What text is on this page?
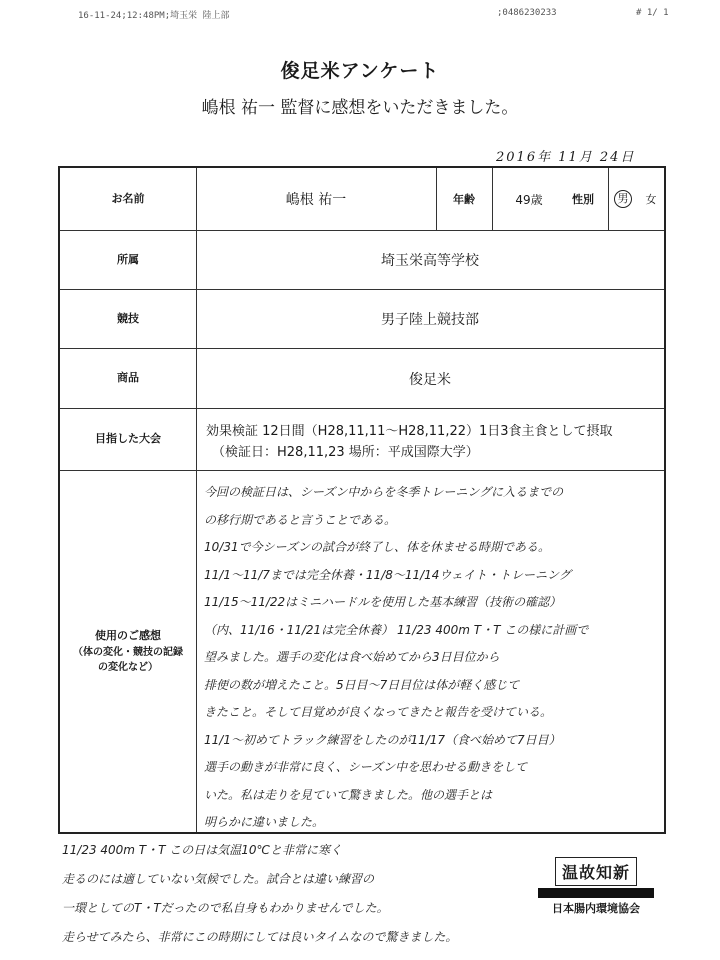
16-11-24;12:48PM;埼玉栄 陸上部	;0486230233	# 1/ 1
俊足米アンケート
嶋根 祐一 監督に感想をいただきました。
2016年 11月 24日
お名前	嶋根 祐一	年齢	49歳	性別	男	女
所属	埼玉栄高等学校
競技	男子陸上競技部
商品	俊足米
目指した大会	効果検証 12日間（H28,11,11〜H28,11,22）1日3食主食として摂取
（検証日：H28,11,23 場所：平成国際大学）
使用のご感想
（体の変化・競技の記録の変化など）
今回の検証日は、シーズン中からを冬季トレーニングに入るまでの
の移行期であると言うことである。
10/31で今シーズンの試合が終了し、体を休ませる時期である。
11/1〜11/7までは完全休養・11/8〜11/14ウェイト・トレーニング
11/15〜11/22はミニハードルを使用した基本練習（技術の確認）
（内、11/16・11/21は完全休養） 11/23 400m T・T この様に計画で
望みました。選手の変化は食べ始めてから3日目位から
排便の数が増えたこと。5日目〜7日目位は体が軽く感じて
きたこと。そして目覚めが良くなってきたと報告を受けている。
11/1〜初めてトラック練習をしたのが11/17（食べ始めて7日目）
選手の動きが非常に良く、シーズン中を思わせる動きをして
いた。私は走りを見ていて驚きました。他の選手とは
明らかに違いました。
11/23 400m T・T この日は気温10℃と非常に寒く
走るのには適していない気候でした。試合とは違い練習の
一環としてのT・Tだったので私自身もわかりませんでした。
走らせてみたら、非常にこの時期にしては良いタイムなので驚きました。
温故知新
日本腸内環境協会
